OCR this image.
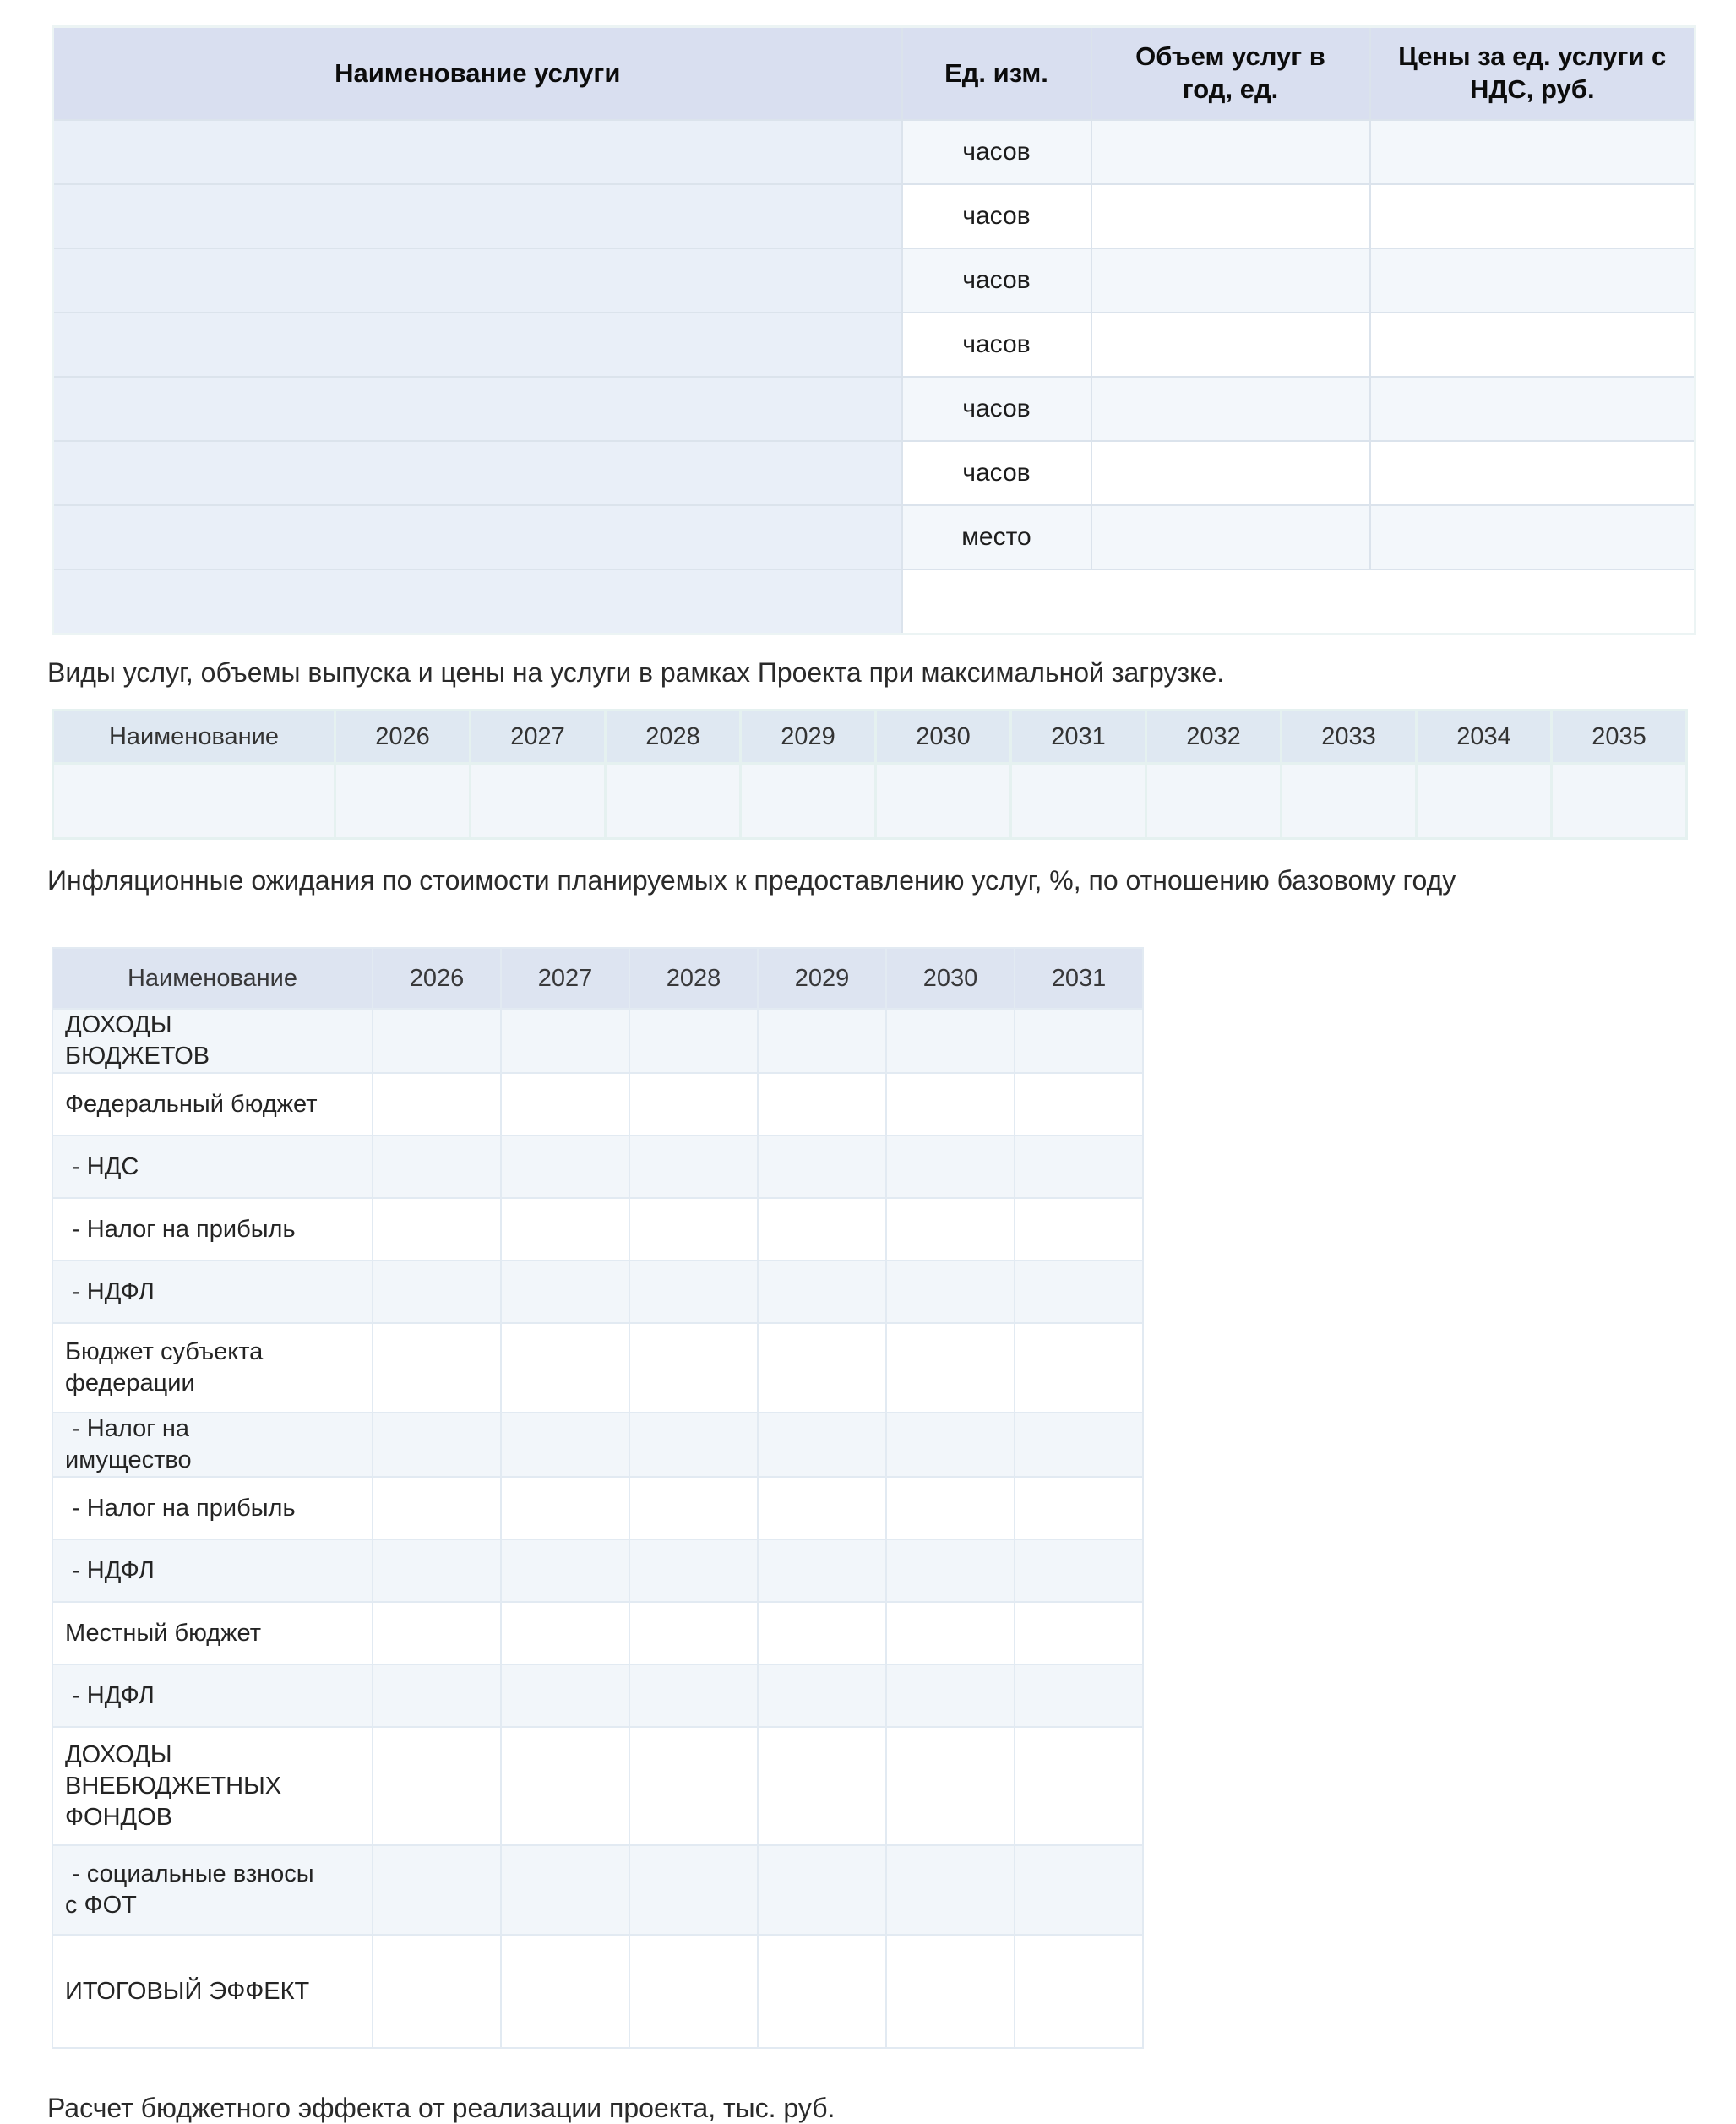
Наименование услуги	Ед. изм.	Объем услуг в год, ед.	Цены за ед. услуги с НДС, руб.
	часов		
	часов		
	часов		
	часов		
	часов		
	часов		
	место		

Виды услуг, объемы выпуска и цены на услуги в рамках Проекта при максимальной загрузке.

Наименование	2026	2027	2028	2029	2030	2031	2032	2033	2034	2035

Инфляционные ожидания по стоимости планируемых к предоставлению услуг, %, по отношению базовому году

Наименование	2026	2027	2028	2029	2030	2031
ДОХОДЫ БЮДЖЕТОВ						
Федеральный бюджет						
- НДС						
- Налог на прибыль						
- НДФЛ						
Бюджет субъекта федерации						
- Налог на имущество						
- Налог на прибыль						
- НДФЛ						
Местный бюджет						
- НДФЛ						
ДОХОДЫ ВНЕБЮДЖЕТНЫХ ФОНДОВ						
- социальные взносы с ФОТ						
ИТОГОВЫЙ ЭФФЕКТ						

Расчет бюджетного эффекта от реализации проекта, тыс. руб.
